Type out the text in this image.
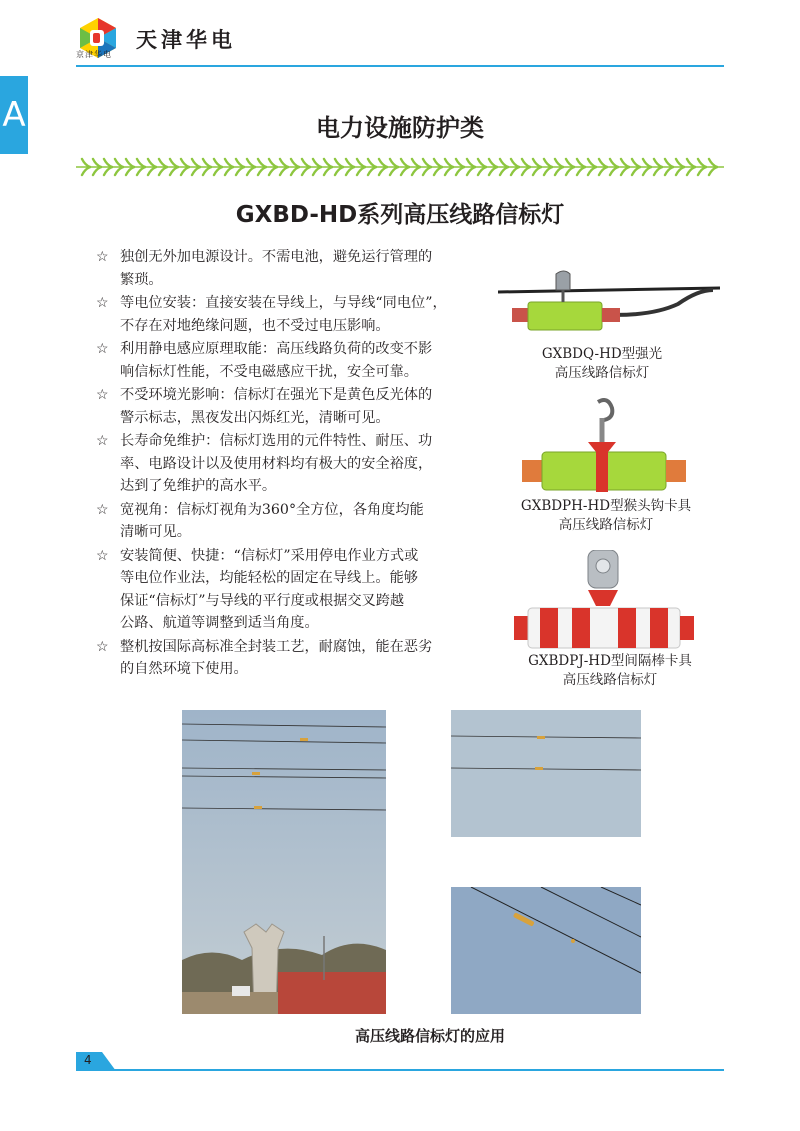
京津华电
天津华电
A	电力设施防护类
GXBD-HD系列高压线路信标灯
☆ 独创无外加电源设计。不需电池，避免运行管理的
繁琐。
☆ 等电位安装：直接安装在导线上，与导线“同电位”，
不存在对地绝缘问题，也不受过电压影响。
☆ 利用静电感应原理取能：高压线路负荷的改变不影
响信标灯性能，不受电磁感应干扰，安全可靠。
☆ 不受环境光影响：信标灯在强光下是黄色反光体的
警示标志，黑夜发出闪烁红光，清晰可见。
☆ 长寿命免维护：信标灯选用的元件特性、耐压、功
率、电路设计以及使用材料均有极大的安全裕度，
达到了免维护的高水平。
☆ 宽视角：信标灯视角为360°全方位，各角度均能
清晰可见。
☆ 安装简便、快捷：“信标灯”采用停电作业方式或
等电位作业法，均能轻松的固定在导线上。能够
保证“信标灯”与导线的平行度或根据交叉跨越
公路、航道等调整到适当角度。
☆ 整机按国际高标准全封装工艺，耐腐蚀，能在恶劣
的自然环境下使用。
GXBDQ-HD型强光
高压线路信标灯
GXBDPH-HD型猴头钩卡具
高压线路信标灯
GXBDPJ-HD型间隔棒卡具
高压线路信标灯
高压线路信标灯的应用
4
